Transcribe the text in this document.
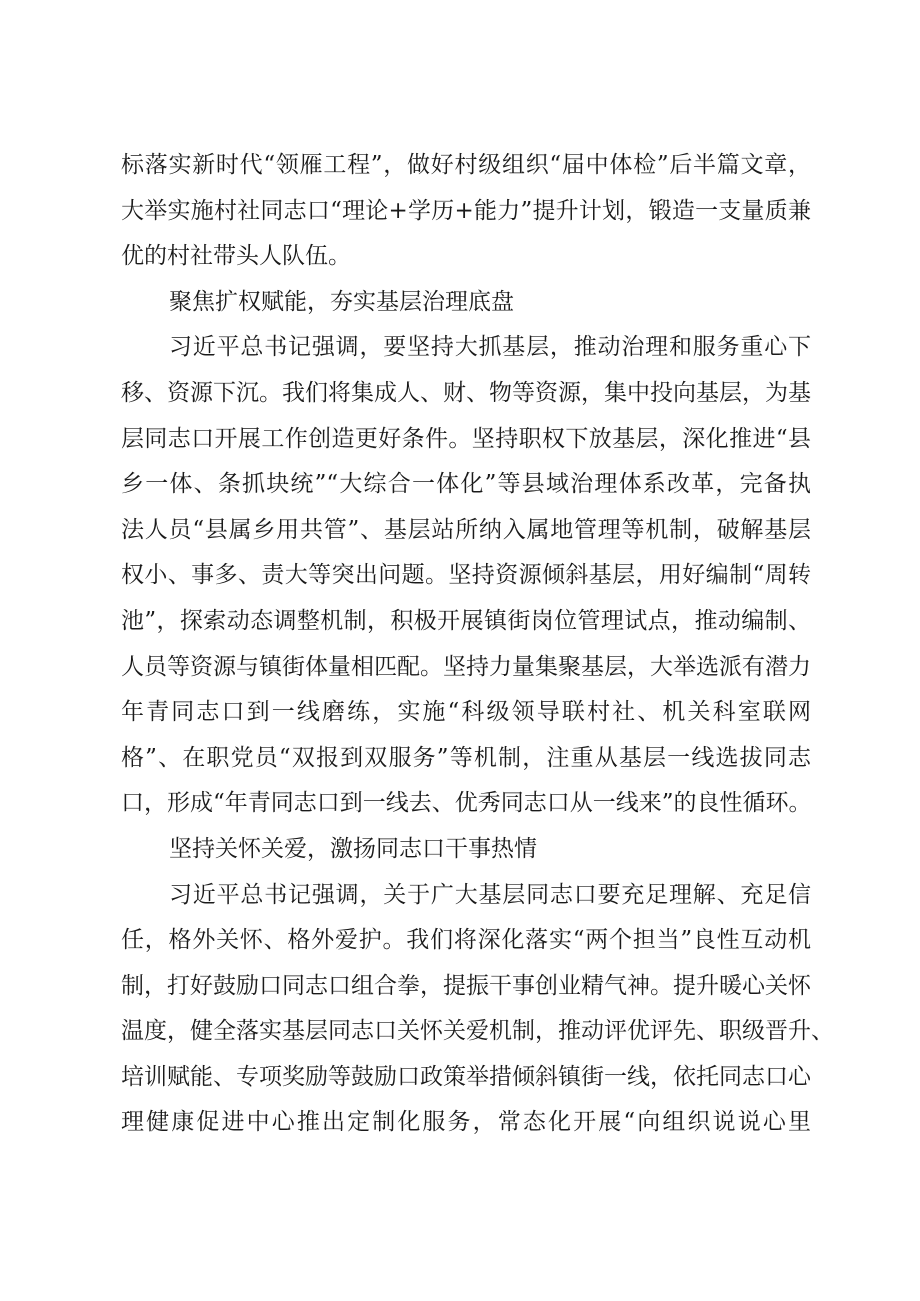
标落实新时代“领雁工程”，做好村级组织“届中体检”后半篇文章，
大举实施村社同志口“理论+学历+能力”提升计划，锻造一支量质兼
优的村社带头人队伍。
聚焦扩权赋能，夯实基层治理底盘
习近平总书记强调，要坚持大抓基层，推动治理和服务重心下
移、资源下沉。我们将集成人、财、物等资源，集中投向基层，为基
层同志口开展工作创造更好条件。坚持职权下放基层，深化推进“县
乡一体、条抓块统”“大综合一体化”等县域治理体系改革，完备执
法人员“县属乡用共管”、基层站所纳入属地管理等机制，破解基层
权小、事多、责大等突出问题。坚持资源倾斜基层，用好编制“周转
池”，探索动态调整机制，积极开展镇街岗位管理试点，推动编制、
人员等资源与镇街体量相匹配。坚持力量集聚基层，大举选派有潜力
年青同志口到一线磨练，实施“科级领导联村社、机关科室联网
格”、在职党员“双报到双服务”等机制，注重从基层一线选拔同志
口，形成“年青同志口到一线去、优秀同志口从一线来”的良性循环。
坚持关怀关爱，激扬同志口干事热情
习近平总书记强调，关于广大基层同志口要充足理解、充足信
任，格外关怀、格外爱护。我们将深化落实“两个担当”良性互动机
制，打好鼓励口同志口组合拳，提振干事创业精气神。提升暖心关怀
温度，健全落实基层同志口关怀关爱机制，推动评优评先、职级晋升、
培训赋能、专项奖励等鼓励口政策举措倾斜镇街一线，依托同志口心
理健康促进中心推出定制化服务，常态化开展“向组织说说心里
